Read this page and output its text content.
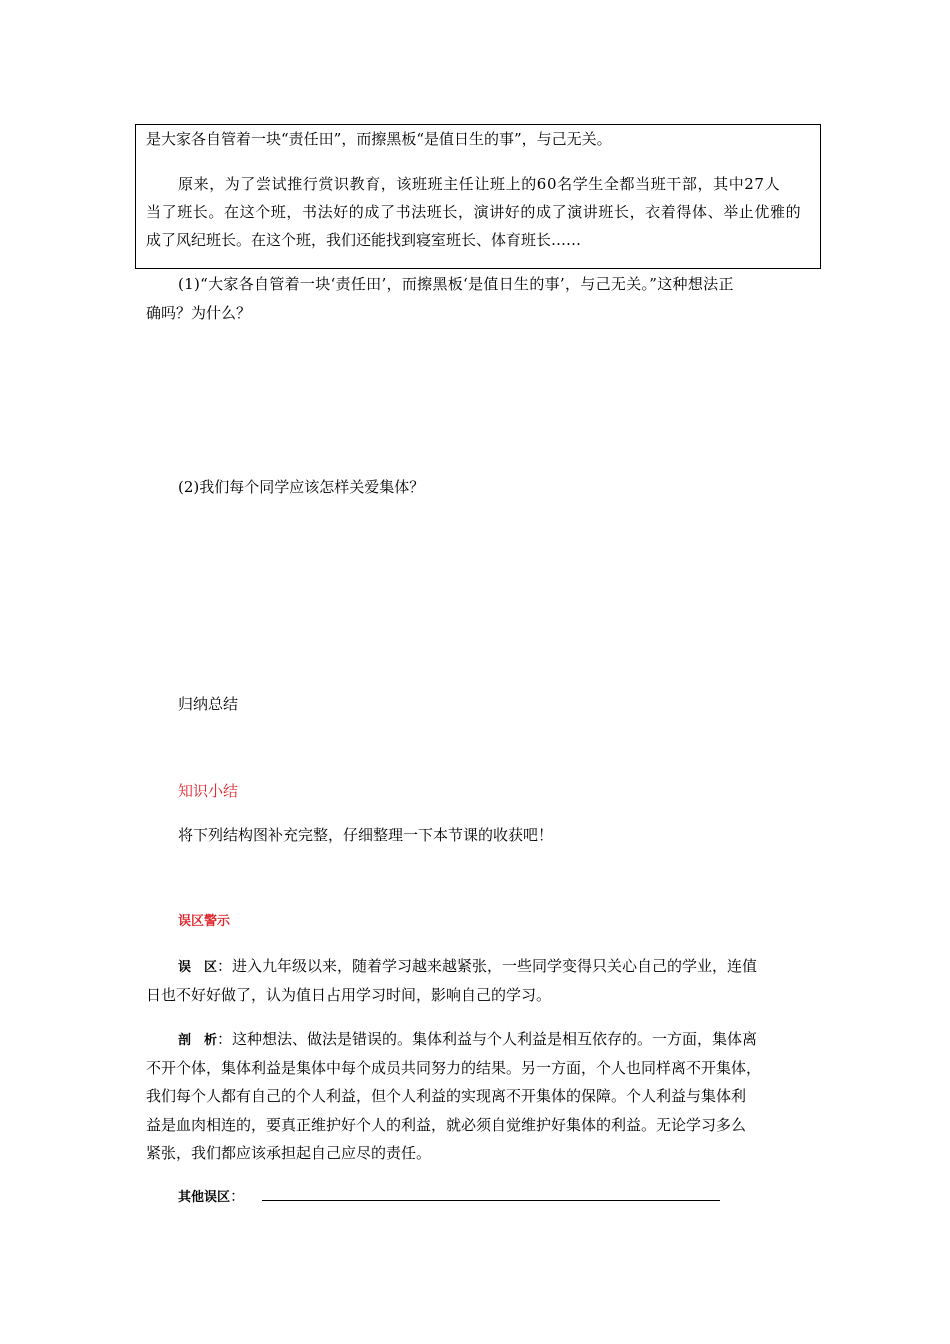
是大家各自管着一块“责任田”，而擦黑板“是值日生的事”，与己无关。
原来，为了尝试推行赏识教育，该班班主任让班上的60名学生全都当班干部，其中27人
当了班长。在这个班，书法好的成了书法班长，演讲好的成了演讲班长，衣着得体、举止优雅的
成了风纪班长。在这个班，我们还能找到寝室班长、体育班长……
(1)“大家各自管着一块‘责任田’，而擦黑板‘是值日生的事’，与己无关。”这种想法正
确吗？为什么？
(2)我们每个同学应该怎样关爱集体？
归纳总结
知识小结
将下列结构图补充完整，仔细整理一下本节课的收获吧！
误区警示
误　区：进入九年级以来，随着学习越来越紧张，一些同学变得只关心自己的学业，连值
日也不好好做了，认为值日占用学习时间，影响自己的学习。
剖　析：这种想法、做法是错误的。集体利益与个人利益是相互依存的。一方面，集体离
不开个体，集体利益是集体中每个成员共同努力的结果。另一方面，个人也同样离不开集体，
我们每个人都有自己的个人利益，但个人利益的实现离不开集体的保障。个人利益与集体利
益是血肉相连的，要真正维护好个人的利益，就必须自觉维护好集体的利益。无论学习多么
紧张，我们都应该承担起自己应尽的责任。
其他误区：
